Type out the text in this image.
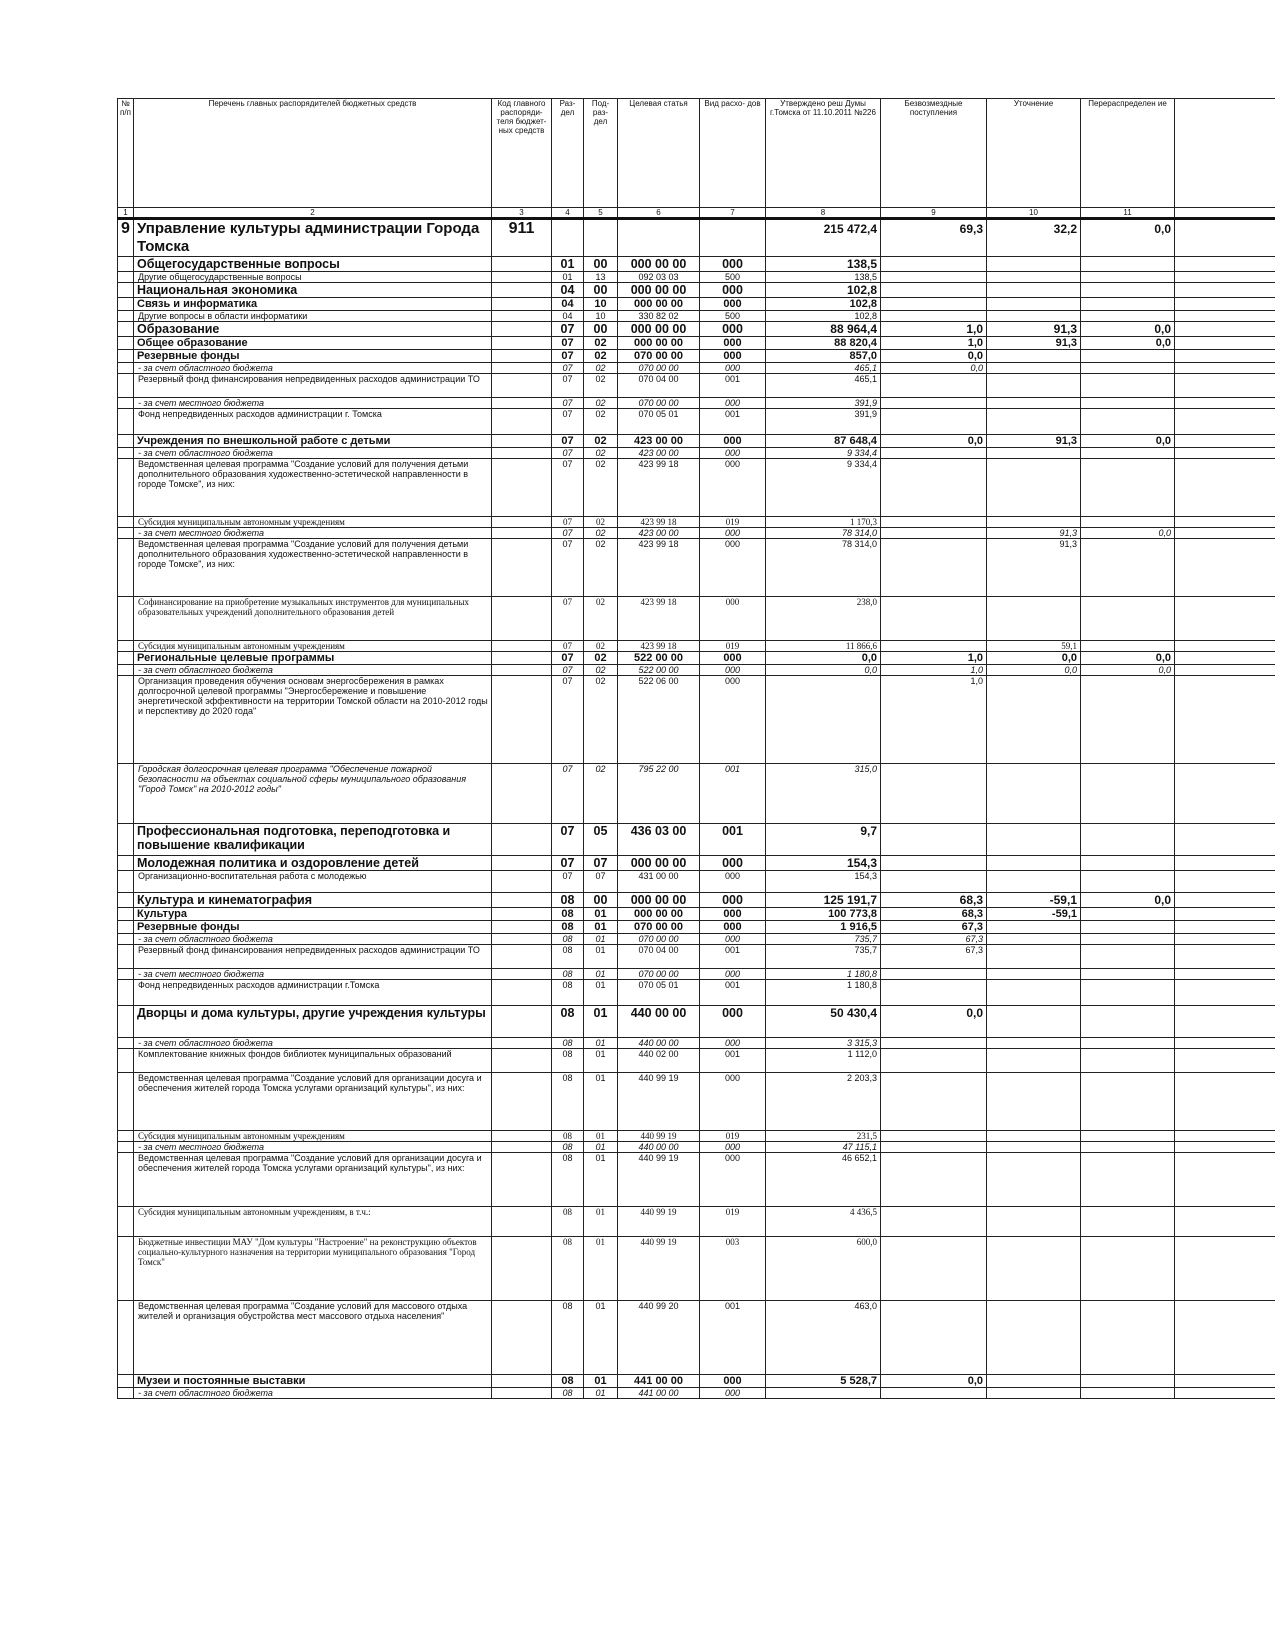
№ п/п	Перечень главных распорядителей бюджетных средств	Код главного распоряди- теля бюджет- ных средств	Раз- дел	Под- раз- дел	Целевая статья	Вид расхо- дов	Утверждено реш Думы г.Томска от 11.10.2011 №226	Безвозмездные поступления	Уточнение	Перераспределен ие	
1	2	3	4	5	6	7	8	9	10	11	
9	Управление культуры администрации Города Томска	911					215 472,4	69,3	32,2	0,0	
	Общегосударственные вопросы		01	00	000 00 00	000	138,5				
	Другие общегосударственные вопросы		01	13	092 03 03	500	138,5				
	Национальная экономика		04	00	000 00 00	000	102,8				
	Связь и информатика		04	10	000 00 00	000	102,8				
	Другие вопросы в области информатики		04	10	330 82 02	500	102,8				
	Образование		07	00	000 00 00	000	88 964,4	1,0	91,3	0,0	
	Общее образование		07	02	000 00 00	000	88 820,4	1,0	91,3	0,0	
	Резервные фонды		07	02	070 00 00	000	857,0	0,0			
	- за счет областного бюджета		07	02	070 00 00	000	465,1	0,0			
	Резервный фонд финансирования непредвиденных расходов администрации ТО		07	02	070 04 00	001	465,1				
	- за счет местного бюджета		07	02	070 00 00	000	391,9				
	Фонд непредвиденных расходов администрации г. Томска		07	02	070 05 01	001	391,9				
	Учреждения по внешкольной работе с детьми		07	02	423 00 00	000	87 648,4	0,0	91,3	0,0	
	- за счет областного бюджета		07	02	423 00 00	000	9 334,4				
	Ведомственная целевая программа "Создание условий для получения детьми дополнительного образования художественно-эстетической направленности в городе Томске", из них:		07	02	423 99 18	000	9 334,4				
	Субсидия муниципальным автономным учреждениям		07	02	423 99 18	019	1 170,3				
	- за счет местного бюджета		07	02	423 00 00	000	78 314,0		91,3	0,0	
	Ведомственная целевая программа "Создание условий для получения детьми дополнительного образования художественно-эстетической направленности в городе Томске", из них:		07	02	423 99 18	000	78 314,0		91,3		
	Софинансирование на приобретение музыкальных инструментов для муниципальных образовательных учреждений дополнительного образования детей		07	02	423 99 18	000	238,0				
	Субсидия муниципальным автономным учреждениям		07	02	423 99 18	019	11 866,6		59,1		
	Региональные целевые программы		07	02	522 00 00	000	0,0	1,0	0,0	0,0	
	- за счет областного бюджета		07	02	522 00 00	000	0,0	1,0	0,0	0,0	
	Организация проведения обучения основам энергосбережения в рамках долгосрочной целевой программы "Энергосбережение и повышение энергетической эффективности на территории Томской области на 2010-2012 годы и перспективу до 2020 года"		07	02	522 06 00	000		1,0			
	Городская долгосрочная целевая программа "Обеспечение пожарной безопасности на объектах социальной сферы муниципального образования "Город Томск" на 2010-2012 годы"		07	02	795 22 00	001	315,0				
	Профессиональная подготовка, переподготовка и повышение квалификации		07	05	436 03 00	001	9,7				
	Молодежная политика и оздоровление детей		07	07	000 00 00	000	154,3				
	Организационно-воспитательная работа с молодежью		07	07	431 00 00	000	154,3				
	Культура и кинематография		08	00	000 00 00	000	125 191,7	68,3	-59,1	0,0	
	Культура		08	01	000 00 00	000	100 773,8	68,3	-59,1		
	Резервные фонды		08	01	070 00 00	000	1 916,5	67,3			
	- за счет областного бюджета		08	01	070 00 00	000	735,7	67,3			
	Резервный фонд финансирования непредвиденных расходов администрации ТО		08	01	070 04 00	001	735,7	67,3			
	- за счет местного бюджета		08	01	070 00 00	000	1 180,8				
	Фонд непредвиденных расходов администрации г.Томска		08	01	070 05 01	001	1 180,8				
	Дворцы и дома культуры, другие учреждения культуры		08	01	440 00 00	000	50 430,4	0,0			
	- за счет областного бюджета		08	01	440 00 00	000	3 315,3				
	Комплектование книжных фондов библиотек муниципальных образований		08	01	440 02 00	001	1 112,0				
	Ведомственная целевая программа "Создание условий для организации досуга и обеспечения жителей города Томска услугами организаций культуры", из них:		08	01	440 99 19	000	2 203,3				
	Субсидия муниципальным автономным учреждениям		08	01	440 99 19	019	231,5				
	- за счет местного бюджета		08	01	440 00 00	000	47 115,1				
	Ведомственная целевая программа "Создание условий для организации досуга и обеспечения жителей города Томска услугами организаций культуры", из них:		08	01	440 99 19	000	46 652,1				
	Субсидия муниципальным автономным учреждениям, в т.ч.:		08	01	440 99 19	019	4 436,5				
	Бюджетные инвестиции МАУ "Дом культуры "Настроение" на реконструкцию объектов социально-культурного назначения на территории муниципального образования "Город Томск"		08	01	440 99 19	003	600,0				
	Ведомственная целевая программа "Создание условий для массового отдыха жителей и организация обустройства мест массового отдыха населения"		08	01	440 99 20	001	463,0				
	Музеи и постоянные выставки		08	01	441 00 00	000	5 528,7	0,0			
	- за счет областного бюджета		08	01	441 00 00	000					
